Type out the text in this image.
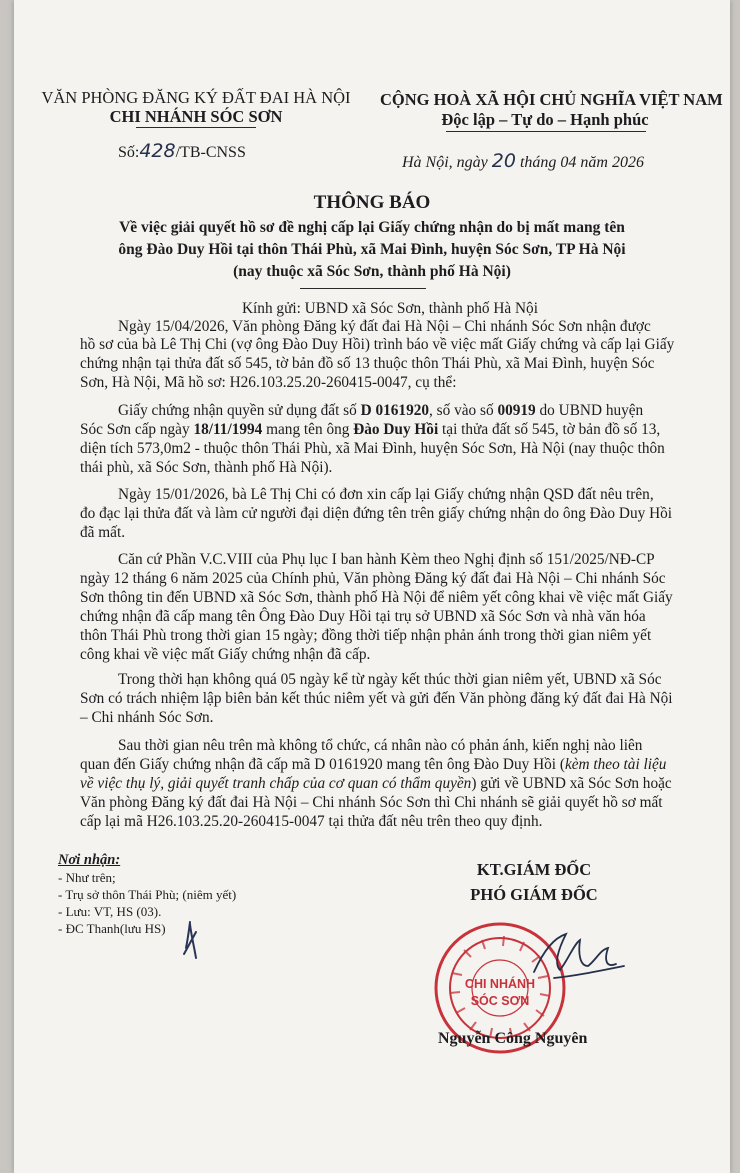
VĂN PHÒNG ĐĂNG KÝ ĐẤT ĐAI HÀ NỘI
CHI NHÁNH SÓC SƠN
CỘNG HOÀ XÃ HỘI CHỦ NGHĨA VIỆT NAM
Độc lập – Tự do – Hạnh phúc
Số:428/TB-CNSS
Hà Nội, ngày 20 tháng 04 năm 2026
THÔNG BÁO
Về việc giải quyết hồ sơ đề nghị cấp lại Giấy chứng nhận do bị mất mang tên
ông Đào Duy Hồi tại thôn Thái Phù, xã Mai Đình, huyện Sóc Sơn, TP Hà Nội
(nay thuộc xã Sóc Sơn, thành phố Hà Nội)
Kính gửi: UBND xã Sóc Sơn, thành phố Hà Nội
Ngày 15/04/2026, Văn phòng Đăng ký đất đai Hà Nội – Chi nhánh Sóc Sơn nhận được
hồ sơ của bà Lê Thị Chi (vợ ông Đào Duy Hồi) trình báo về việc mất Giấy chứng và cấp lại Giấy
chứng nhận tại thửa đất số 545, tờ bản đồ số 13 thuộc thôn Thái Phù, xã Mai Đình, huyện Sóc
Sơn, Hà Nội, Mã hồ sơ: H26.103.25.20-260415-0047, cụ thể:
Giấy chứng nhận quyền sử dụng đất số D 0161920, số vào số 00919 do UBND huyện
Sóc Sơn cấp ngày 18/11/1994 mang tên ông Đào Duy Hồi tại thửa đất số 545, tờ bản đồ số 13,
diện tích 573,0m2 - thuộc thôn Thái Phù, xã Mai Đình, huyện Sóc Sơn, Hà Nội (nay thuộc thôn
thái phù, xã Sóc Sơn, thành phố Hà Nội).
Ngày 15/01/2026, bà Lê Thị Chi có đơn xin cấp lại Giấy chứng nhận QSD đất nêu trên,
đo đạc lại thửa đất và làm cử người đại diện đứng tên trên giấy chứng nhận do ông Đào Duy Hồi
đã mất.
Căn cứ Phần V.C.VIII của Phụ lục I ban hành Kèm theo Nghị định số 151/2025/NĐ-CP
ngày 12 tháng 6 năm 2025 của Chính phủ, Văn phòng Đăng ký đất đai Hà Nội – Chi nhánh Sóc
Sơn thông tin đến UBND xã Sóc Sơn, thành phố Hà Nội để niêm yết công khai về việc mất Giấy
chứng nhận đã cấp mang tên Ông Đào Duy Hồi tại trụ sở UBND xã Sóc Sơn và nhà văn hóa
thôn Thái Phù trong thời gian 15 ngày; đồng thời tiếp nhận phản ánh trong thời gian niêm yết
công khai về việc mất Giấy chứng nhận đã cấp.
Trong thời hạn không quá 05 ngày kể từ ngày kết thúc thời gian niêm yết, UBND xã Sóc
Sơn có trách nhiệm lập biên bản kết thúc niêm yết và gửi đến Văn phòng đăng ký đất đai Hà Nội
– Chi nhánh Sóc Sơn.
Sau thời gian nêu trên mà không tổ chức, cá nhân nào có phản ánh, kiến nghị nào liên
quan đến Giấy chứng nhận đã cấp mã D 0161920 mang tên ông Đào Duy Hồi (kèm theo tài liệu
về việc thụ lý, giải quyết tranh chấp của cơ quan có thẩm quyền) gửi về UBND xã Sóc Sơn hoặc
Văn phòng Đăng ký đất đai Hà Nội – Chi nhánh Sóc Sơn thì Chi nhánh sẽ giải quyết hồ sơ mất
cấp lại mã H26.103.25.20-260415-0047 tại thửa đất nêu trên theo quy định.
Nơi nhận:
- Như trên;
- Trụ sở thôn Thái Phù; (niêm yết)
- Lưu: VT, HS (03).
- ĐC Thanh(lưu HS)
KT.GIÁM ĐỐC
PHÓ GIÁM ĐỐC
CHI NHÁNH
SÓC SƠN
Nguyễn Công Nguyên
